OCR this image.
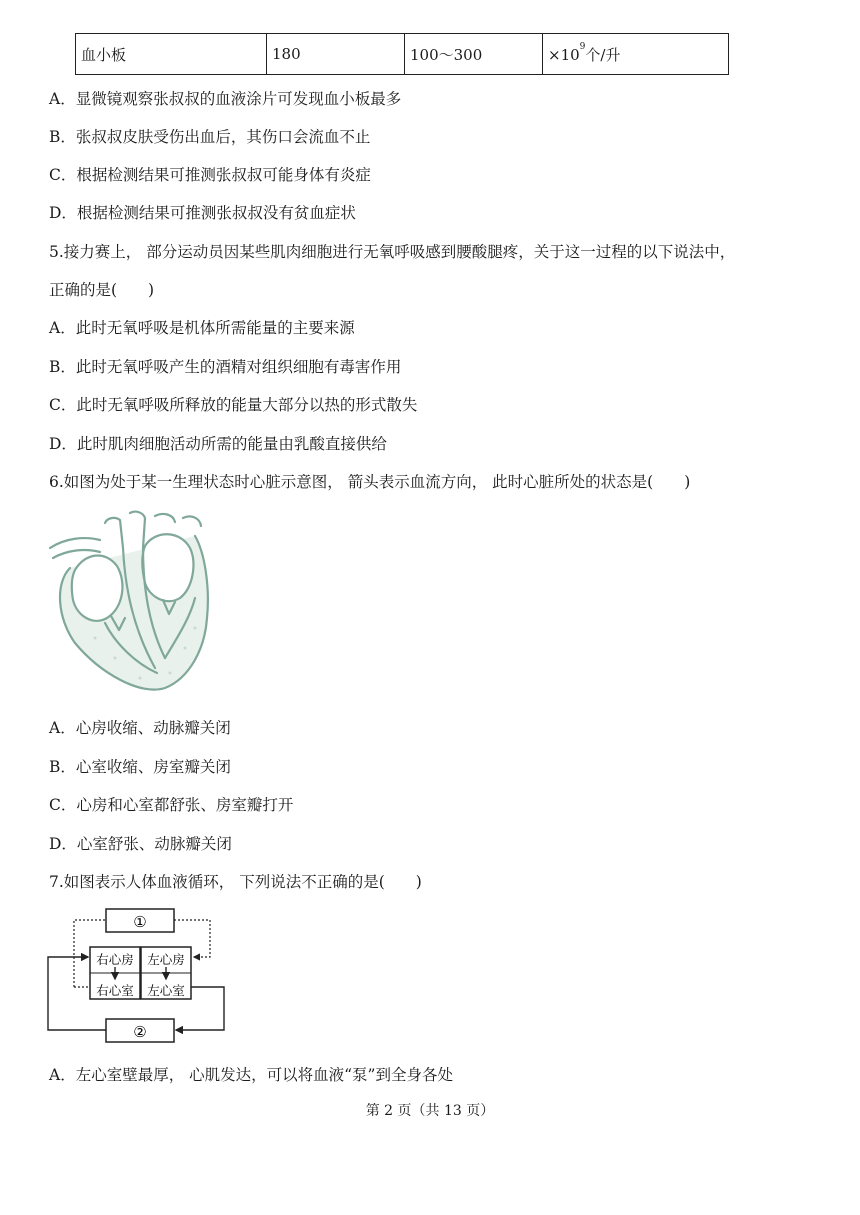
血小板	180	100～300	$\times 10^9$个/升
A．显微镜观察张叔叔的血液涂片可发现血小板最多
B．张叔叔皮肤受伤出血后，其伤口会流血不止
C．根据检测结果可推测张叔叔可能身体有炎症
D．根据检测结果可推测张叔叔没有贫血症状
5.接力赛上， 部分运动员因某些肌肉细胞进行无氧呼吸感到腰酸腿疼，关于这一过程的以下说法中，
正确的是(　　)
A．此时无氧呼吸是机体所需能量的主要来源
B．此时无氧呼吸产生的酒精对组织细胞有毒害作用
C．此时无氧呼吸所释放的能量大部分以热的形式散失
D．此时肌肉细胞活动所需的能量由乳酸直接供给
6.如图为处于某一生理状态时心脏示意图， 箭头表示血流方向， 此时心脏所处的状态是(　　)
A．心房收缩、动脉瓣关闭
B．心室收缩、房室瓣关闭
C．心房和心室都舒张、房室瓣打开
D．心室舒张、动脉瓣关闭
7.如图表示人体血液循环， 下列说法不正确的是(　　)
①
②
右心房 左心房
右心室 左心室
A．左心室壁最厚， 心肌发达，可以将血液“泵”到全身各处
第 2 页（共 13 页）
